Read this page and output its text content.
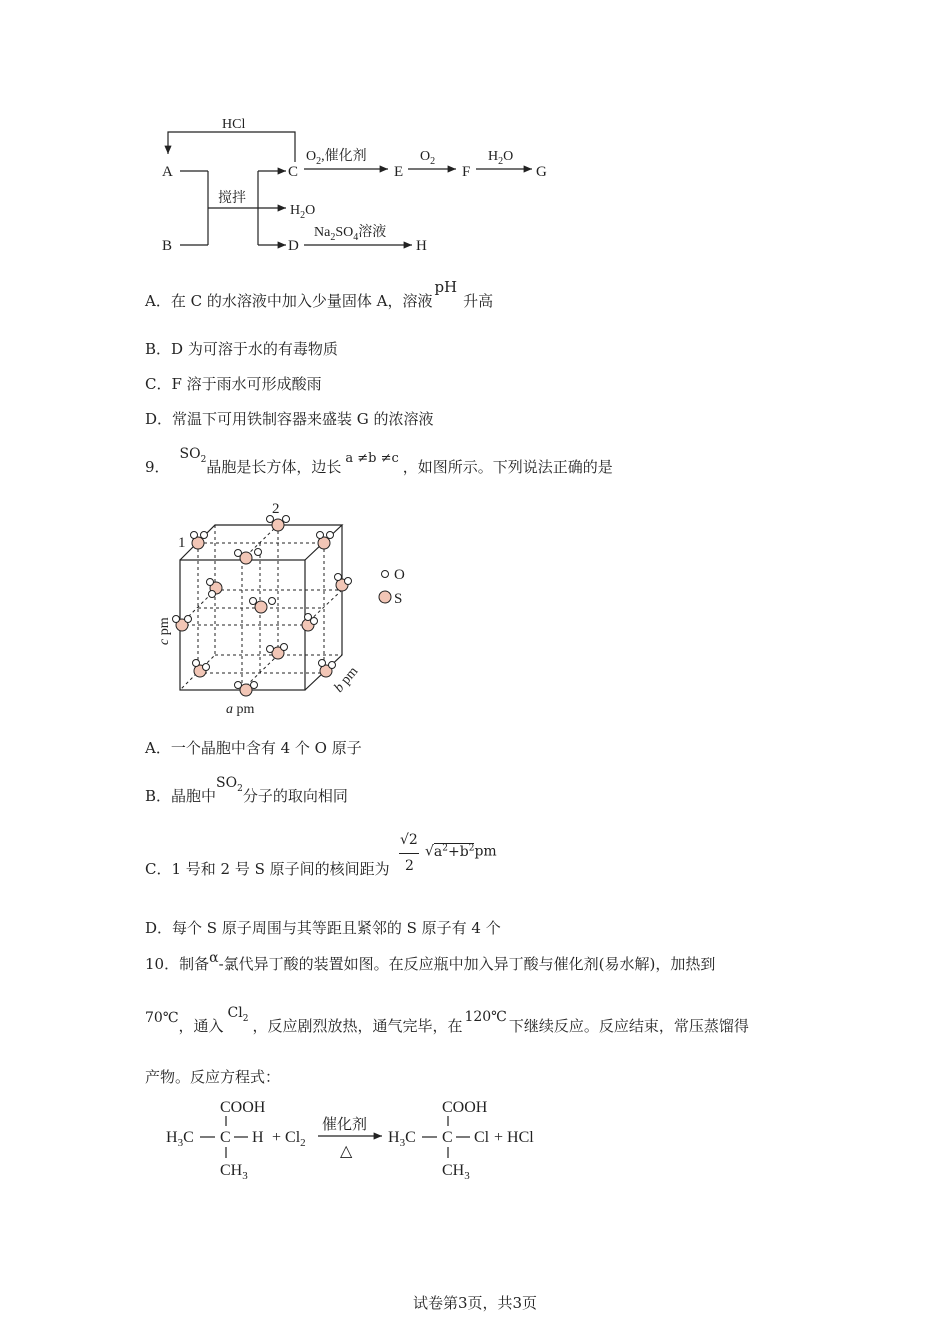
HCl
A
B
搅拌
C
$O_2$,催化剂
E
$O_2$
F
$H_2O$
G
$H_2O$
D
$Na_2SO_4$溶液
H
A．在 C 的水溶液中加入少量固体 A，溶液pH升高
B．D 为可溶于水的有毒物质
C．F 溶于雨水可形成酸雨
D．常温下可用铁制容器来盛装 G 的浓溶液
9．$SO_2$晶胞是长方体，边长 a ≠b ≠c ，如图所示。下列说法正确的是
1
2
O
S
c pm
b pm
a pm
A．一个晶胞中含有 4 个 O 原子
B．晶胞中$SO_2$分子的取向相同
C．1 号和 2 号 S 原子间的核间距为
√2
2
$√a^2+b^2pm$
D．每个 S 原子周围与其等距且紧邻的 S 原子有 4 个
10．制备α-氯代异丁酸的装置如图。在反应瓶中加入异丁酸与催化剂(易水解)，加热到
70℃，通入$Cl_2$ ，反应剧烈放热，通气完毕，在 120℃ 下继续反应。反应结束，常压蒸馏得
产物。反应方程式：
COOH
$H_3C$ C $H + Cl_2$
$CH_3$
催化剂
△
COOH
$H_3C$ C Cl + HCl
$CH_3$
试卷第3页，共3页
